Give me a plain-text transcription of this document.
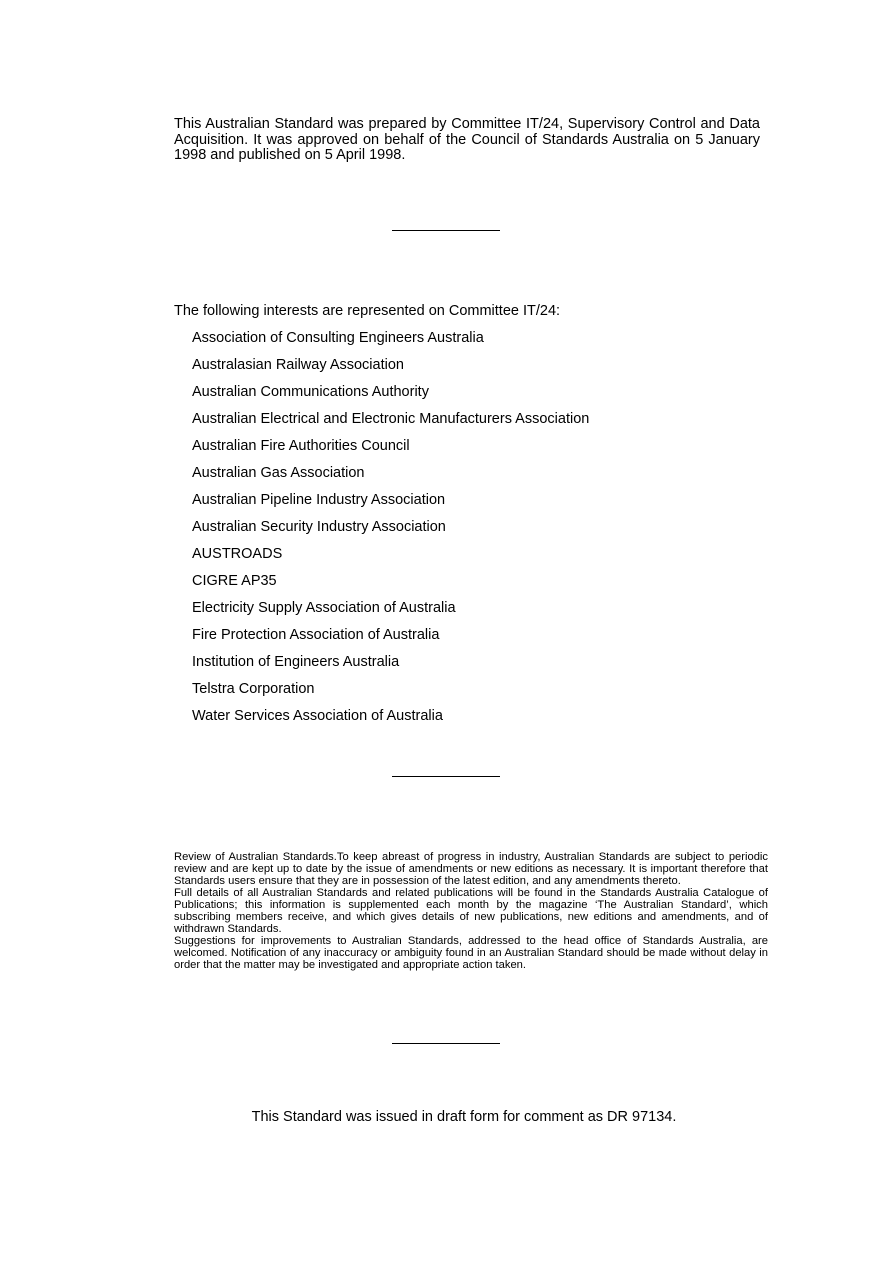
This Australian Standard was prepared by Committee IT/24, Supervisory Control and Data Acquisition. It was approved on behalf of the Council of Standards Australia on 5 January 1998 and published on 5 April 1998.
The following interests are represented on Committee IT/24:
Association of Consulting Engineers Australia
Australasian Railway Association
Australian Communications Authority
Australian Electrical and Electronic Manufacturers Association
Australian Fire Authorities Council
Australian Gas Association
Australian Pipeline Industry Association
Australian Security Industry Association
AUSTROADS
CIGRE AP35
Electricity Supply Association of Australia
Fire Protection Association of Australia
Institution of Engineers Australia
Telstra Corporation
Water Services Association of Australia

Review of Australian Standards.To keep abreast of progress in industry, Australian Standards are subject to periodic review and are kept up to date by the issue of amendments or new editions as necessary. It is important therefore that Standards users ensure that they are in possession of the latest edition, and any amendments thereto.

Full details of all Australian Standards and related publications will be found in the Standards Australia Catalogue of Publications; this information is supplemented each month by the magazine ‘The Australian Standard’, which subscribing members receive, and which gives details of new publications, new editions and amendments, and of withdrawn Standards.

Suggestions for improvements to Australian Standards, addressed to the head office of Standards Australia, are welcomed. Notification of any inaccuracy or ambiguity found in an Australian Standard should be made without delay in order that the matter may be investigated and appropriate action taken.

This Standard was issued in draft form for comment as DR 97134.
